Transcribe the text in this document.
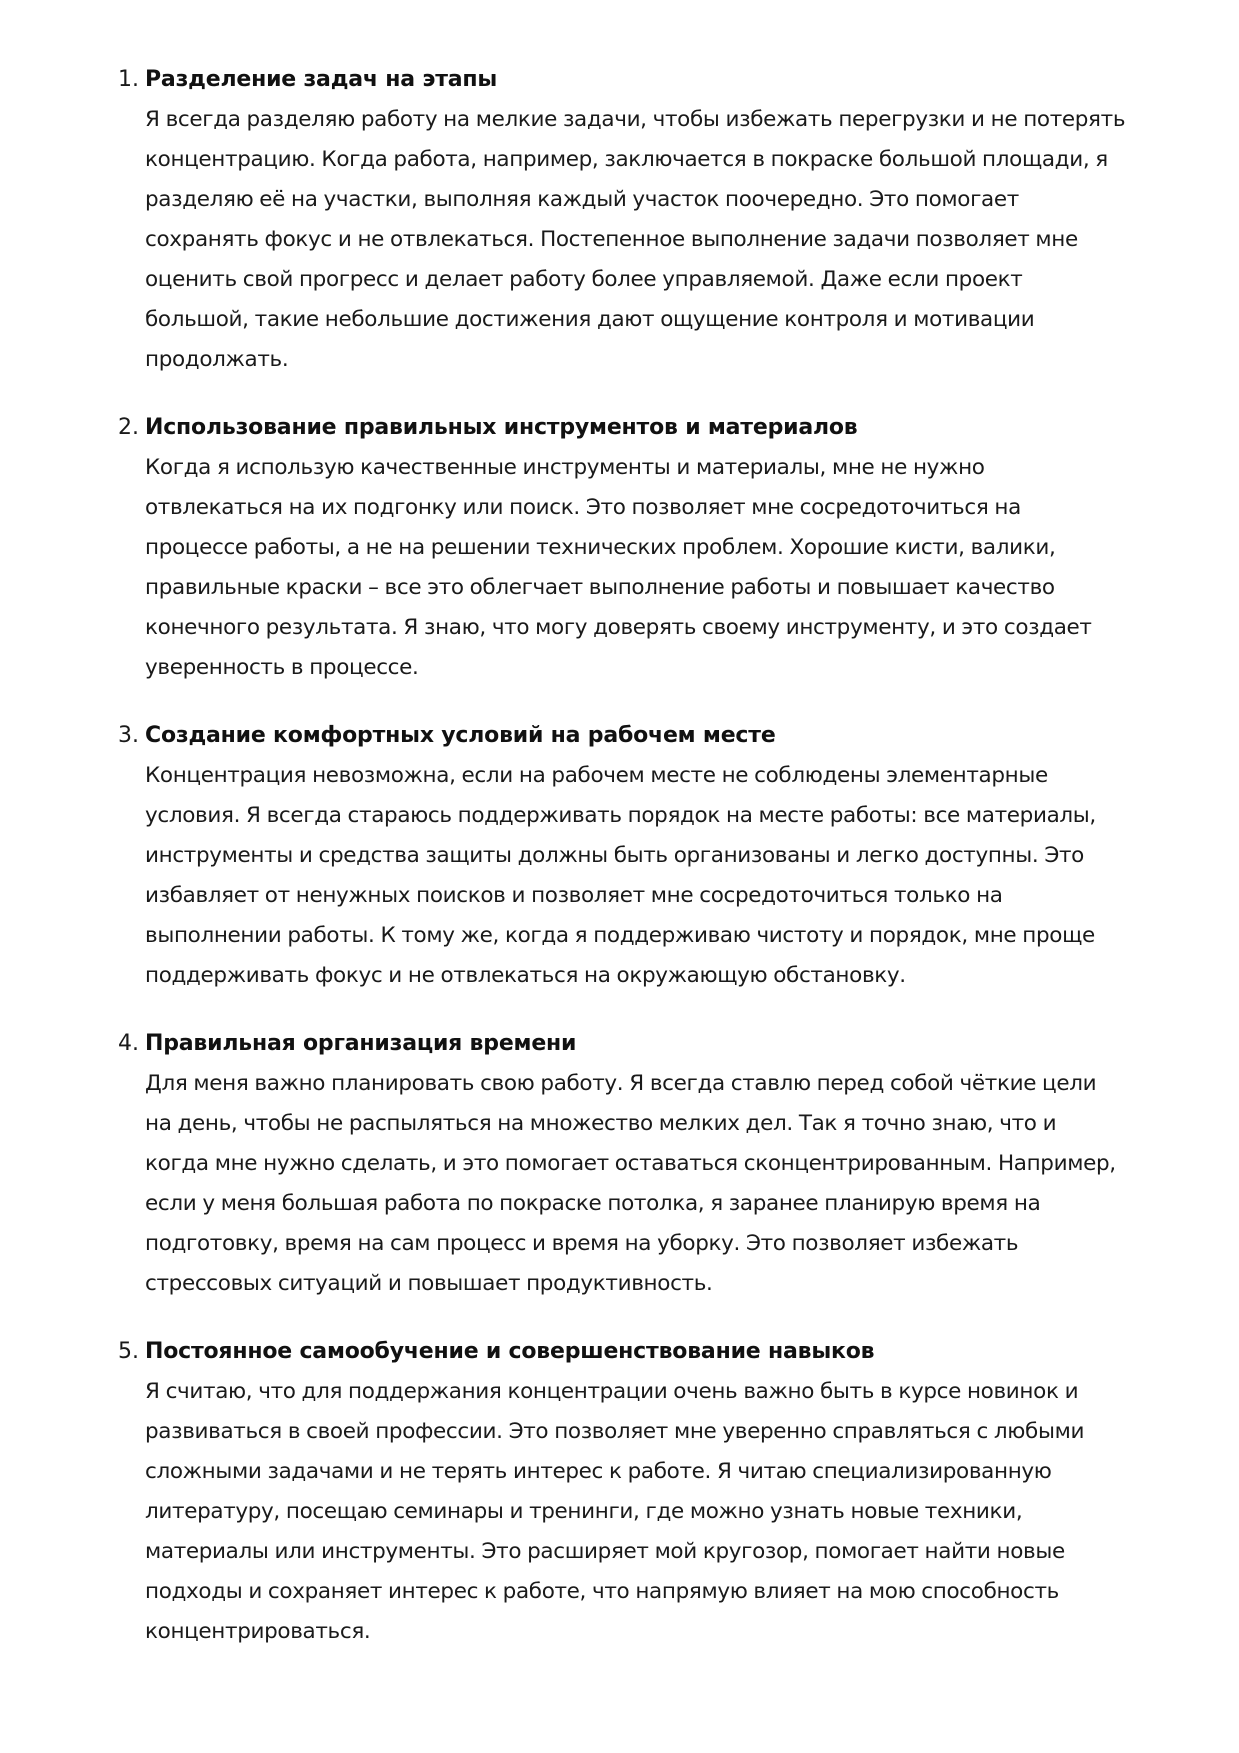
1. Разделение задач на этапы
Я всегда разделяю работу на мелкие задачи, чтобы избежать перегрузки и не потерять
концентрацию. Когда работа, например, заключается в покраске большой площади, я
разделяю её на участки, выполняя каждый участок поочередно. Это помогает
сохранять фокус и не отвлекаться. Постепенное выполнение задачи позволяет мне
оценить свой прогресс и делает работу более управляемой. Даже если проект
большой, такие небольшие достижения дают ощущение контроля и мотивации
продолжать.
2. Использование правильных инструментов и материалов
Когда я использую качественные инструменты и материалы, мне не нужно
отвлекаться на их подгонку или поиск. Это позволяет мне сосредоточиться на
процессе работы, а не на решении технических проблем. Хорошие кисти, валики,
правильные краски – все это облегчает выполнение работы и повышает качество
конечного результата. Я знаю, что могу доверять своему инструменту, и это создает
уверенность в процессе.
3. Создание комфортных условий на рабочем месте
Концентрация невозможна, если на рабочем месте не соблюдены элементарные
условия. Я всегда стараюсь поддерживать порядок на месте работы: все материалы,
инструменты и средства защиты должны быть организованы и легко доступны. Это
избавляет от ненужных поисков и позволяет мне сосредоточиться только на
выполнении работы. К тому же, когда я поддерживаю чистоту и порядок, мне проще
поддерживать фокус и не отвлекаться на окружающую обстановку.
4. Правильная организация времени
Для меня важно планировать свою работу. Я всегда ставлю перед собой чёткие цели
на день, чтобы не распыляться на множество мелких дел. Так я точно знаю, что и
когда мне нужно сделать, и это помогает оставаться сконцентрированным. Например,
если у меня большая работа по покраске потолка, я заранее планирую время на
подготовку, время на сам процесс и время на уборку. Это позволяет избежать
стрессовых ситуаций и повышает продуктивность.
5. Постоянное самообучение и совершенствование навыков
Я считаю, что для поддержания концентрации очень важно быть в курсе новинок и
развиваться в своей профессии. Это позволяет мне уверенно справляться с любыми
сложными задачами и не терять интерес к работе. Я читаю специализированную
литературу, посещаю семинары и тренинги, где можно узнать новые техники,
материалы или инструменты. Это расширяет мой кругозор, помогает найти новые
подходы и сохраняет интерес к работе, что напрямую влияет на мою способность
концентрироваться.
